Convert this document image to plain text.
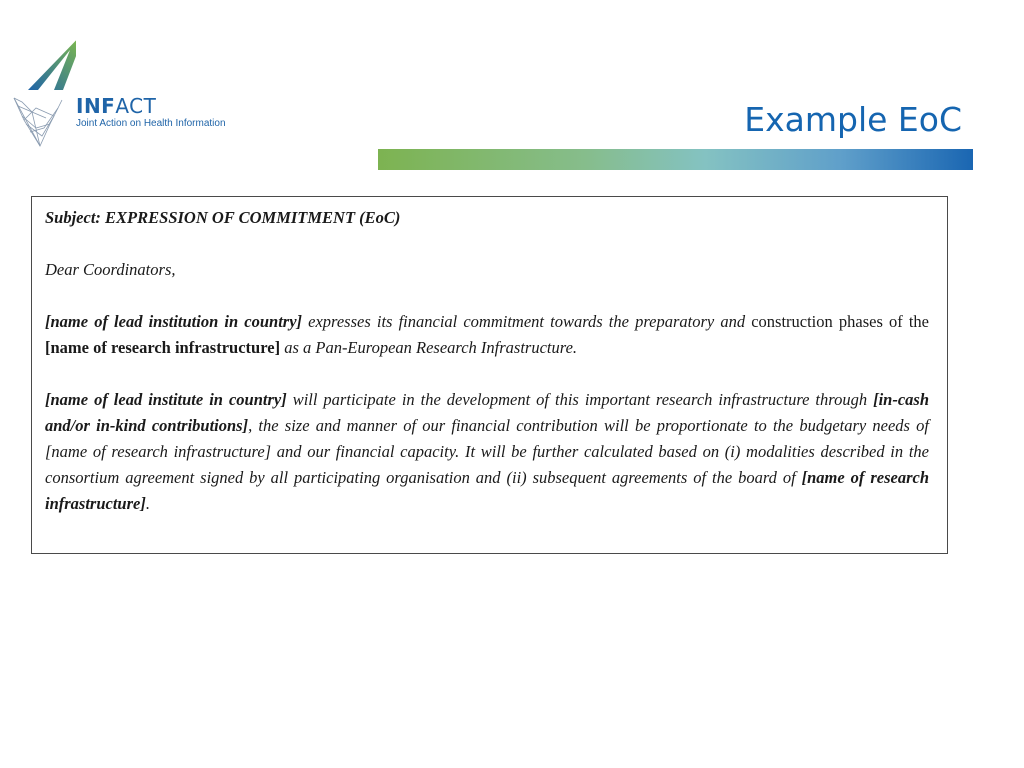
INFACT
Joint Action on Health Information	Example EoC

Subject: EXPRESSION OF COMMITMENT (EoC)

Dear Coordinators,

[name of lead institution in country] expresses its financial commitment towards the preparatory and construction phases of the [name of research infrastructure] as a Pan-European Research Infrastructure.

[name of lead institute in country] will participate in the development of this important research infrastructure through [in-cash and/or in-kind contributions], the size and manner of our financial contribution will be proportionate to the budgetary needs of [name of research infrastructure] and our financial capacity. It will be further calculated based on (i) modalities described in the consortium agreement signed by all participating organisation and (ii) subsequent agreements of the board of [name of research infrastructure].
